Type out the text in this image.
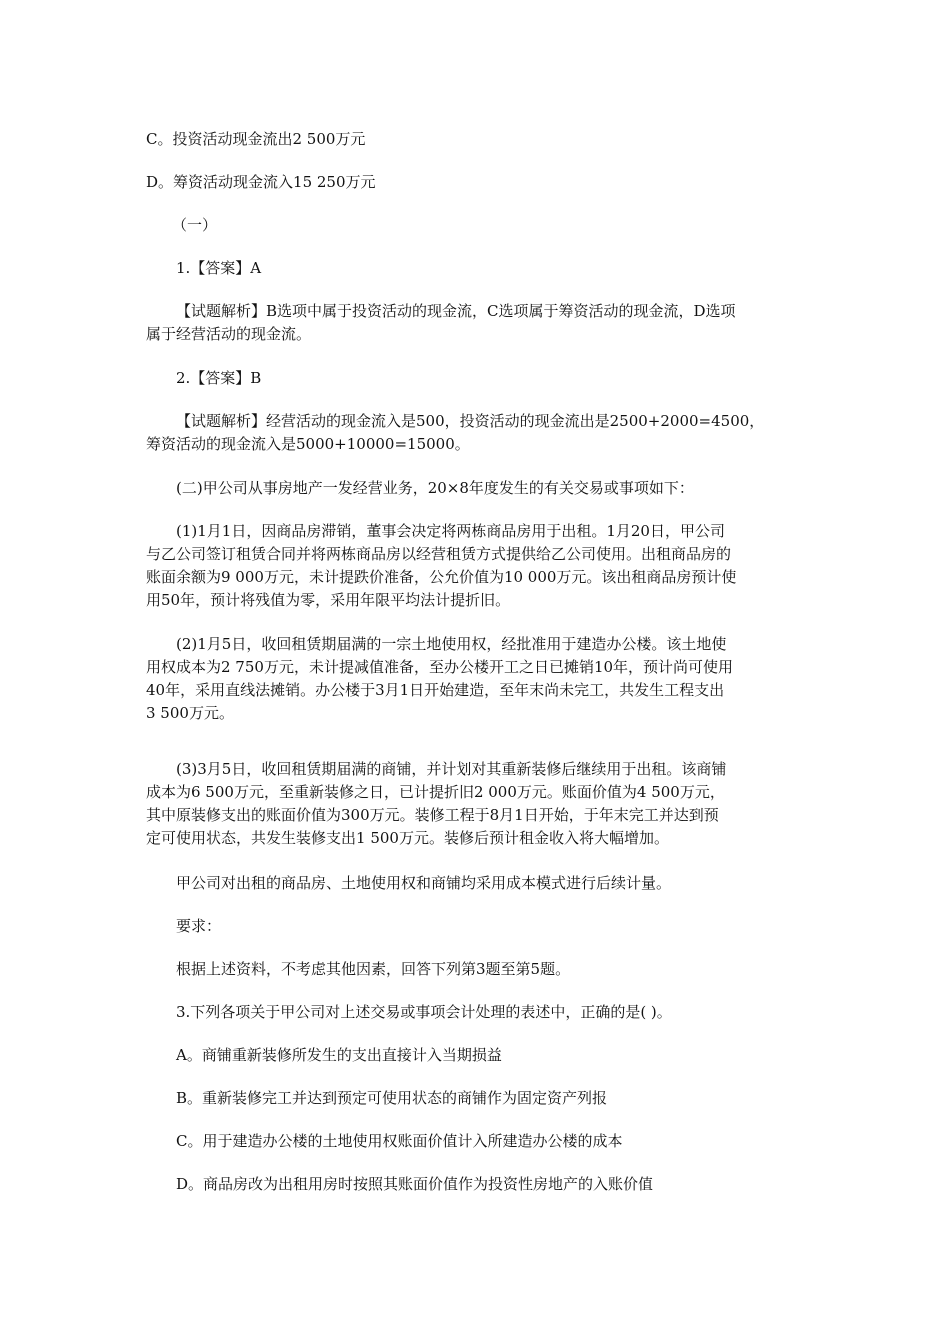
C。投资活动现金流出2 500万元

D。筹资活动现金流入15 250万元

（一）

1.【答案】A

【试题解析】B选项中属于投资活动的现金流，C选项属于筹资活动的现金流，D选项
属于经营活动的现金流。

2.【答案】B

【试题解析】经营活动的现金流入是500，投资活动的现金流出是2500+2000=4500，
筹资活动的现金流入是5000+10000=15000。

(二)甲公司从事房地产一发经营业务，20×8年度发生的有关交易或事项如下：

(1)1月1日，因商品房滞销，董事会决定将两栋商品房用于出租。1月20日，甲公司
与乙公司签订租赁合同并将两栋商品房以经营租赁方式提供给乙公司使用。出租商品房的
账面余额为9 000万元，未计提跌价准备，公允价值为10 000万元。该出租商品房预计使
用50年，预计将残值为零，采用年限平均法计提折旧。

(2)1月5日，收回租赁期届满的一宗土地使用权，经批准用于建造办公楼。该土地使
用权成本为2 750万元，未计提减值准备，至办公楼开工之日已摊销10年，预计尚可使用
40年，采用直线法摊销。办公楼于3月1日开始建造，至年末尚未完工，共发生工程支出
3 500万元。

(3)3月5日，收回租赁期届满的商铺，并计划对其重新装修后继续用于出租。该商铺
成本为6 500万元，至重新装修之日，已计提折旧2 000万元。账面价值为4 500万元，
其中原装修支出的账面价值为300万元。装修工程于8月1日开始，于年末完工并达到预
定可使用状态，共发生装修支出1 500万元。装修后预计租金收入将大幅增加。

甲公司对出租的商品房、土地使用权和商铺均采用成本模式进行后续计量。

要求：

根据上述资料，不考虑其他因素，回答下列第3题至第5题。

3.下列各项关于甲公司对上述交易或事项会计处理的表述中，正确的是( )。

A。商铺重新装修所发生的支出直接计入当期损益

B。重新装修完工并达到预定可使用状态的商铺作为固定资产列报

C。用于建造办公楼的土地使用权账面价值计入所建造办公楼的成本

D。商品房改为出租用房时按照其账面价值作为投资性房地产的入账价值
